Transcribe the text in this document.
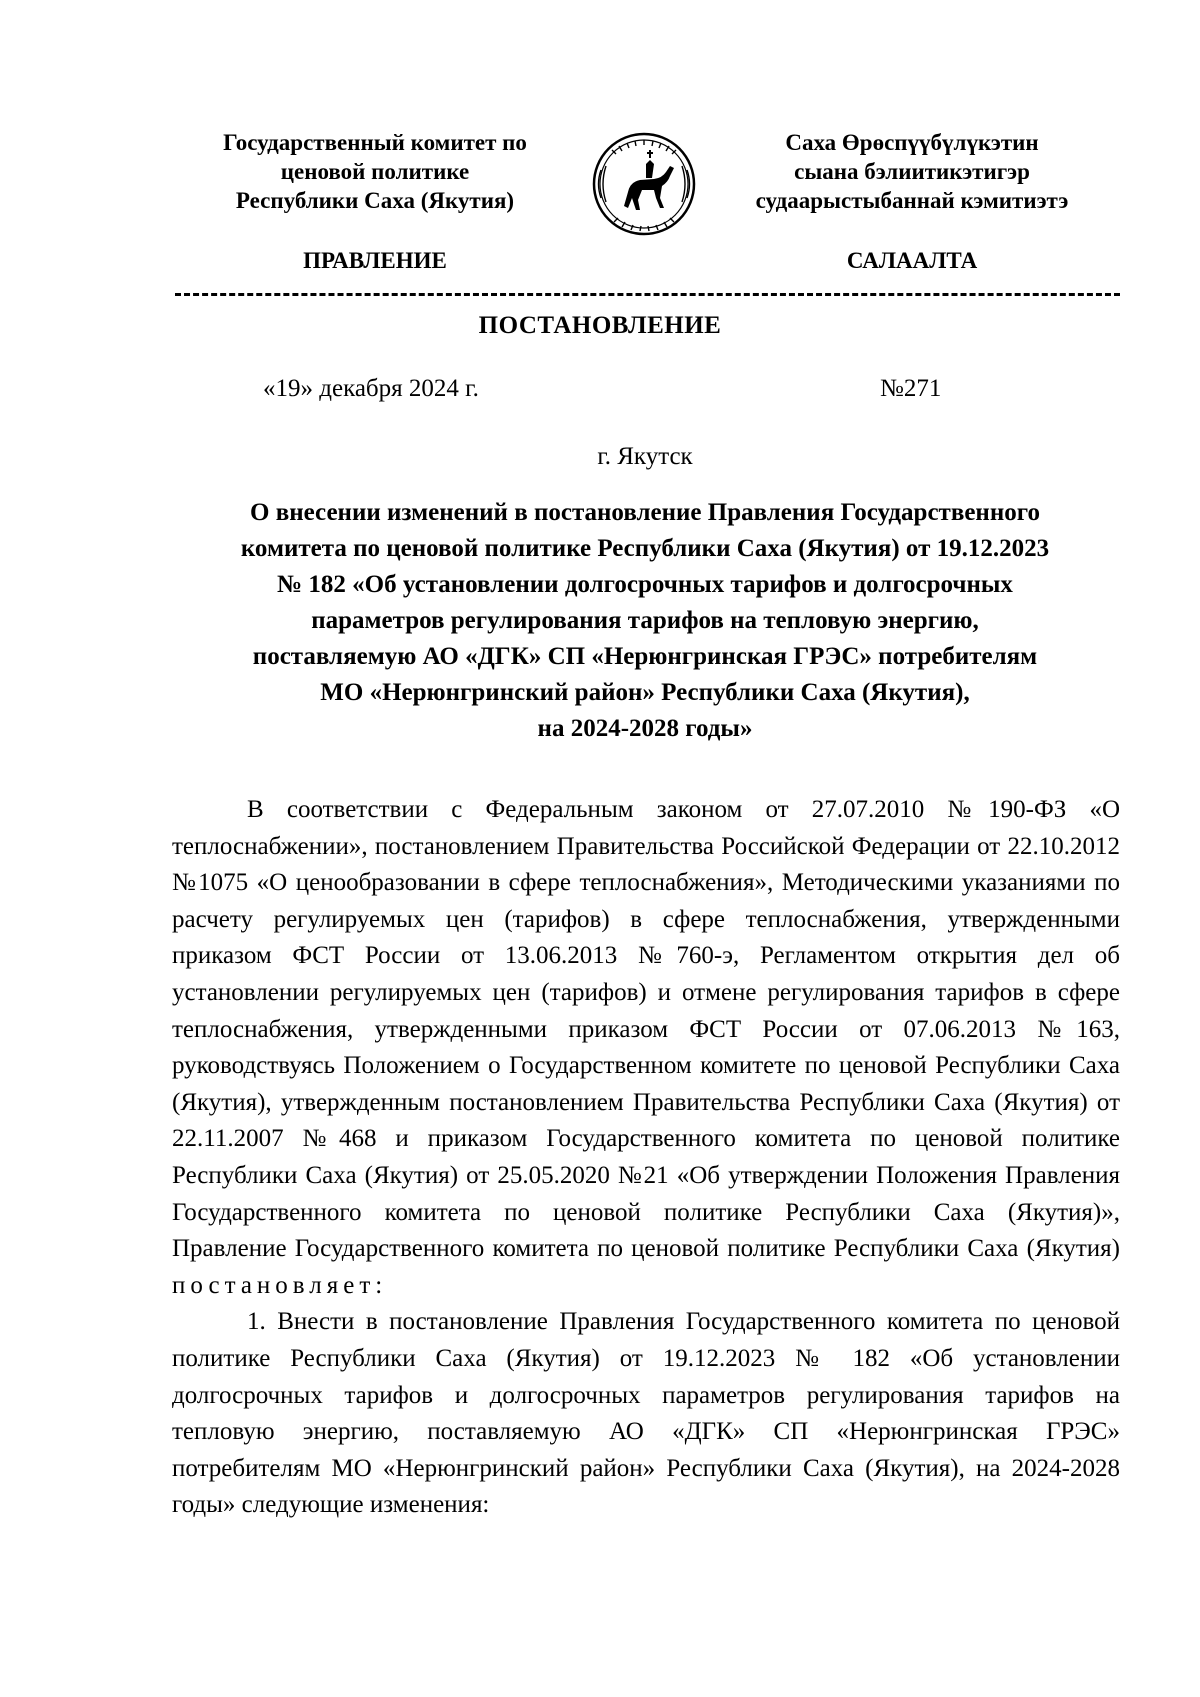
Государственный комитет по
ценовой политике
Республики Саха (Якутия)
Саха Өрөспүүбүлүкэтин
сыана бэлиитикэтигэр
судаарыстыбаннай кэмитиэтэ
ПРАВЛЕНИЕ	САЛААЛТА
ПОСТАНОВЛЕНИЕ
«19» декабря 2024 г.	№271
г. Якутск
О внесении изменений в постановление Правления Государственного
комитета по ценовой политике Республики Саха (Якутия) от 19.12.2023
№ 182 «Об установлении долгосрочных тарифов и долгосрочных
параметров регулирования тарифов на тепловую энергию,
поставляемую АО «ДГК» СП «Нерюнгринская ГРЭС» потребителям
МО «Нерюнгринский район» Республики Саха (Якутия),
на 2024-2028 годы»

В соответствии с Федеральным законом от 27.07.2010 №190-ФЗ «О теплоснабжении», постановлением Правительства Российской Федерации от 22.10.2012 №1075 «О ценообразовании в сфере теплоснабжения», Методическими указаниями по расчету регулируемых цен (тарифов) в сфере теплоснабжения, утвержденными приказом ФСТ России от 13.06.2013 №760-э, Регламентом открытия дел об установлении регулируемых цен (тарифов) и отмене регулирования тарифов в сфере теплоснабжения, утвержденными приказом ФСТ России от 07.06.2013 №163, руководствуясь Положением о Государственном комитете по ценовой Республики Саха (Якутия), утвержденным постановлением Правительства Республики Саха (Якутия) от 22.11.2007 №468 и приказом Государственного комитета по ценовой политике Республики Саха (Якутия) от 25.05.2020 №21 «Об утверждении Положения Правления Государственного комитета по ценовой политике Республики Саха (Якутия)», Правление Государственного комитета по ценовой политике Республики Саха (Якутия) постановляет:

1. Внести в постановление Правления Государственного комитета по ценовой политике Республики Саха (Якутия) от 19.12.2023 № 182 «Об установлении долгосрочных тарифов и долгосрочных параметров регулирования тарифов на тепловую энергию, поставляемую АО «ДГК» СП «Нерюнгринская ГРЭС» потребителям МО «Нерюнгринский район» Республики Саха (Якутия), на 2024-2028 годы» следующие изменения:
